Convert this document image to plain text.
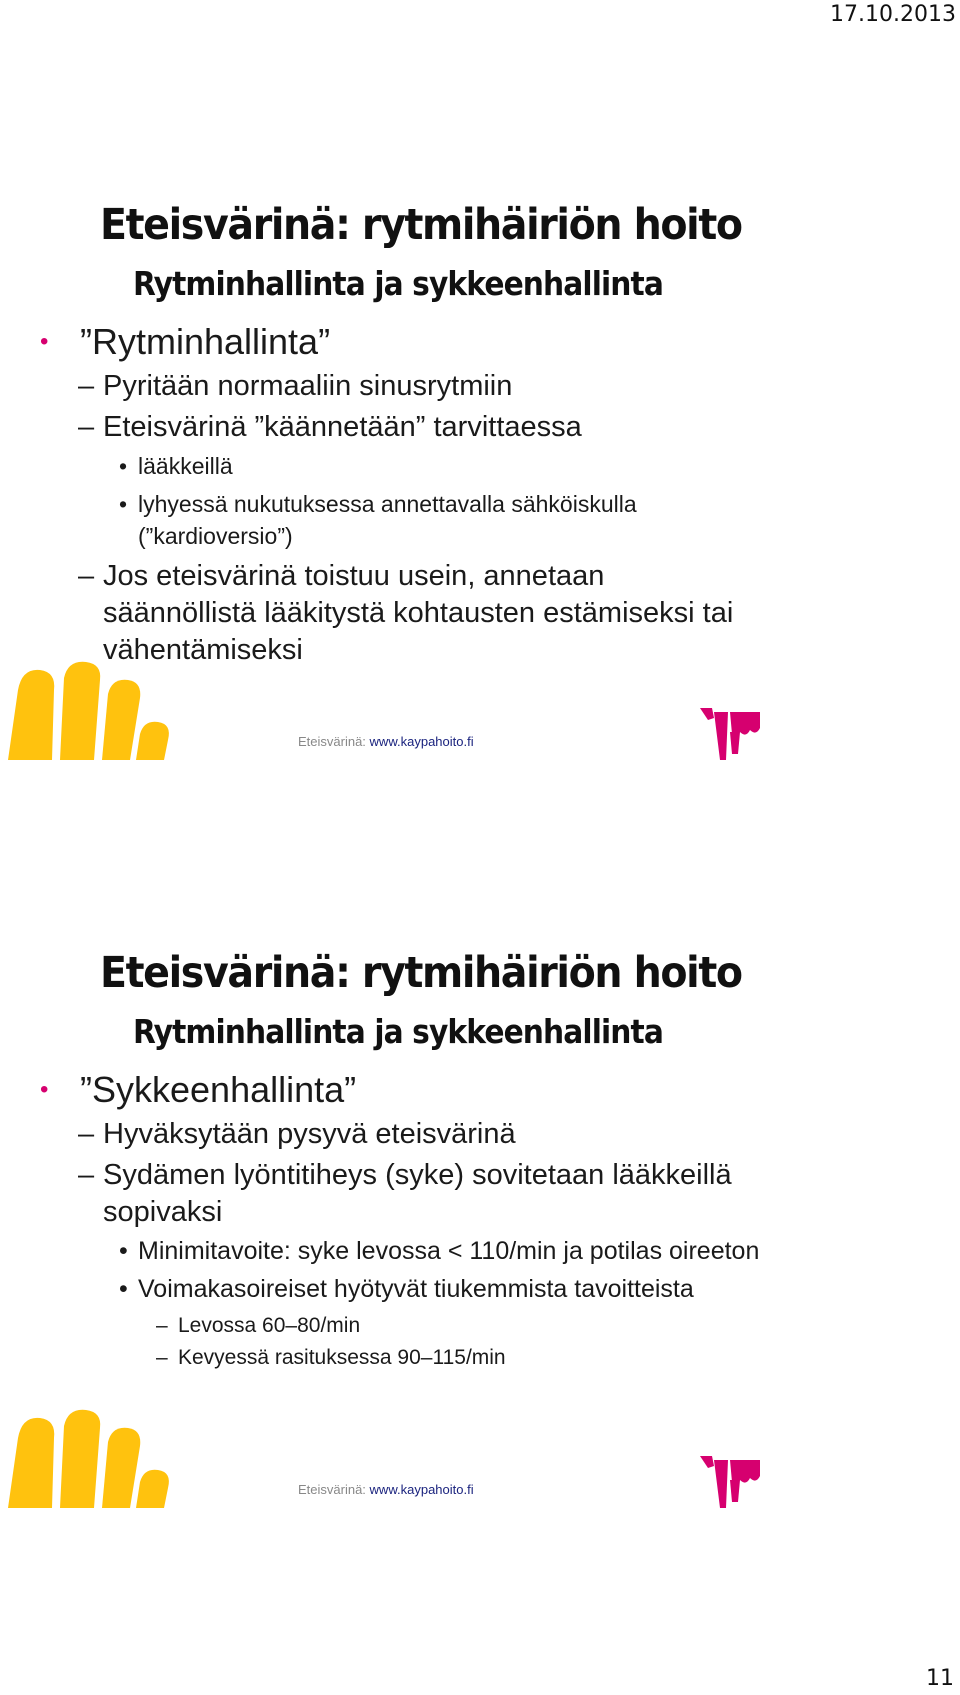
17.10.2013
Eteisvärinä: rytmihäiriön hoito
Rytminhallinta ja sykkeenhallinta

• ”Rytminhallinta”

– Pyritään normaaliin sinusrytmiin

– Eteisvärinä ”käännetään” tarvittaessa

• lääkkeillä

• lyhyessä nukutuksessa annettavalla sähköiskulla (”kardioversio”)

– Jos eteisvärinä toistuu usein, annetaan säännöllistä lääkitystä kohtausten estämiseksi tai vähentämiseksi

Eteisvärinä: www.kaypahoito.fi
Eteisvärinä: rytmihäiriön hoito
Rytminhallinta ja sykkeenhallinta

• ”Sykkeenhallinta”

– Hyväksytään pysyvä eteisvärinä

– Sydämen lyöntitiheys (syke) sovitetaan lääkkeillä sopivaksi

• Minimitavoite: syke levossa < 110/min ja potilas oireeton

• Voimakasoireiset hyötyvät tiukemmista tavoitteista

– Levossa 60–80/min

– Kevyessä rasituksessa 90–115/min

Eteisvärinä: www.kaypahoito.fi
11
